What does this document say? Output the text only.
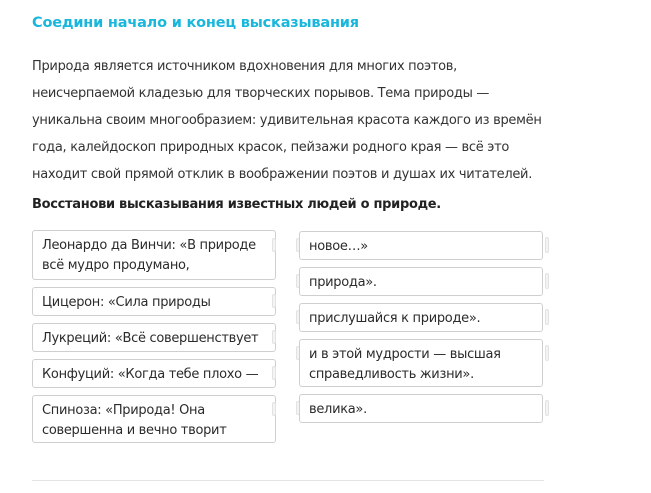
Соедини начало и конец высказывания
Природа является источником вдохновения для многих поэтов,
неисчерпаемой кладезью для творческих порывов. Тема природы —
уникальна своим многообразием: удивительная красота каждого из времён
года, калейдоскоп природных красок, пейзажи родного края — всё это
находит свой прямой отклик в воображении поэтов и душах их читателей.
Восстанови высказывания известных людей о природе.
Леонардо да Винчи: «В природе
всё мудро продумано,
Цицерон: «Сила природы
Лукреций: «Всё совершенствует
Конфуций: «Когда тебе плохо —
Спиноза: «Природа! Она
совершенна и вечно творит
новое…»
природа».
прислушайся к природе».
и в этой мудрости — высшая
справедливость жизни».
велика».
